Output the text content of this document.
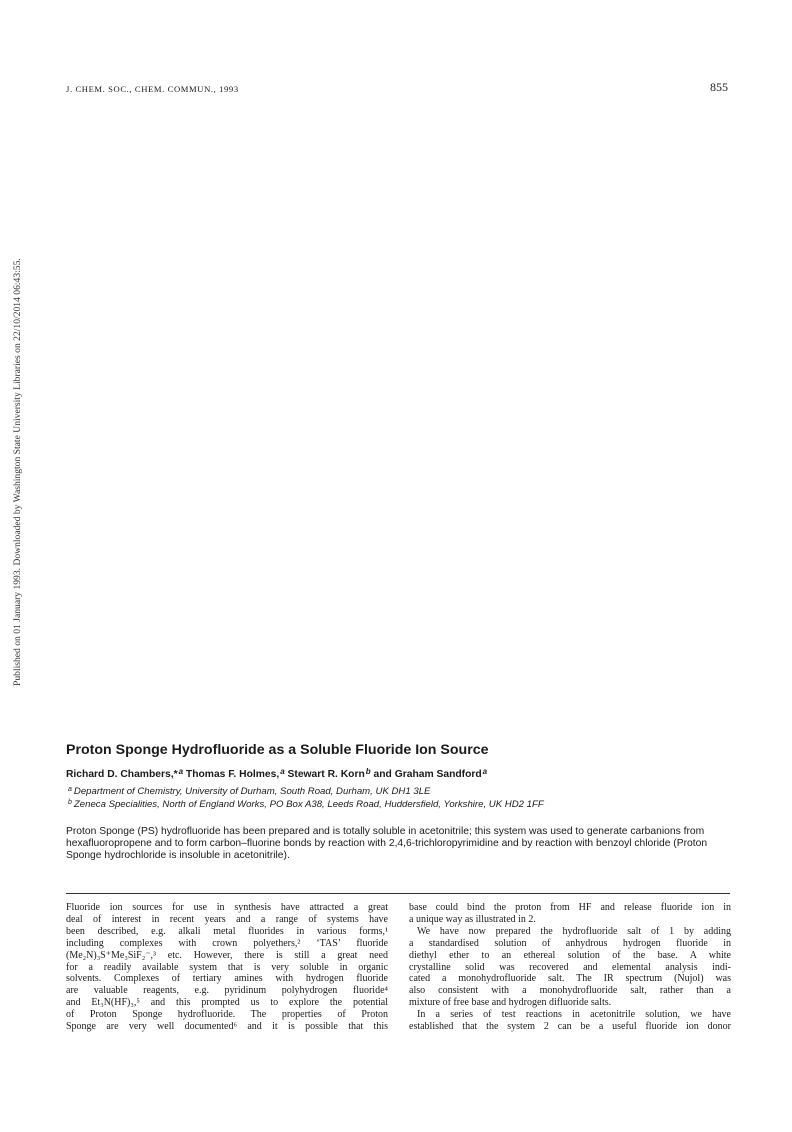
J. CHEM. SOC., CHEM. COMMUN., 1993	855
Published on 01 January 1993. Downloaded by Washington State University Libraries on 22/10/2014 06:43:55.
Proton Sponge Hydrofluoride as a Soluble Fluoride Ion Source
Richard D. Chambers,*$^a$ Thomas F. Holmes,$^a$ Stewart R. Korn$^b$ and Graham Sandford$^a$
$^a$ Department of Chemistry, University of Durham, South Road, Durham, UK DH1 3LE
$^b$ Zeneca Specialities, North of England Works, PO Box A38, Leeds Road, Huddersfield, Yorkshire, UK HD2 1FF

Proton Sponge (PS) hydrofluoride has been prepared and is totally soluble in acetonitrile; this system was used to generate carbanions from hexafluoropropene and to form carbon–fluorine bonds by reaction with 2,4,6-trichloropyrimidine and by reaction with benzoyl chloride (Proton Sponge hydrochloride is insoluble in acetonitrile).

Fluoride ion sources for use in synthesis have attracted a great
deal of interest in recent years and a range of systems have
been described, e.g. alkali metal fluorides in various forms,¹
including complexes with crown polyethers,² ‘TAS’ fluoride
(Me₂N)₃S⁺Me₃SiF₂⁻,³ etc. However, there is still a great need
for a readily available system that is very soluble in organic
solvents. Complexes of tertiary amines with hydrogen fluoride
are valuable reagents, e.g. pyridinum polyhydrogen fluoride⁴
and Et₃N(HF)₃,⁵ and this prompted us to explore the potential
of Proton Sponge hydrofluoride. The properties of Proton
Sponge are very well documented⁶ and it is possible that this
base could bind the proton from HF and release fluoride ion in
a unique way as illustrated in 2.
We have now prepared the hydrofluoride salt of 1 by adding
a standardised solution of anhydrous hydrogen fluoride in
diethyl ether to an ethereal solution of the base. A white
crystalline solid was recovered and elemental analysis indi-
cated a monohydrofluoride salt. The IR spectrum (Nujol) was
also consistent with a monohydrofluoride salt, rather than a
mixture of free base and hydrogen difluoride salts.
In a series of test reactions in acetonitrile solution, we have
established that the system 2 can be a useful fluoride ion donor
